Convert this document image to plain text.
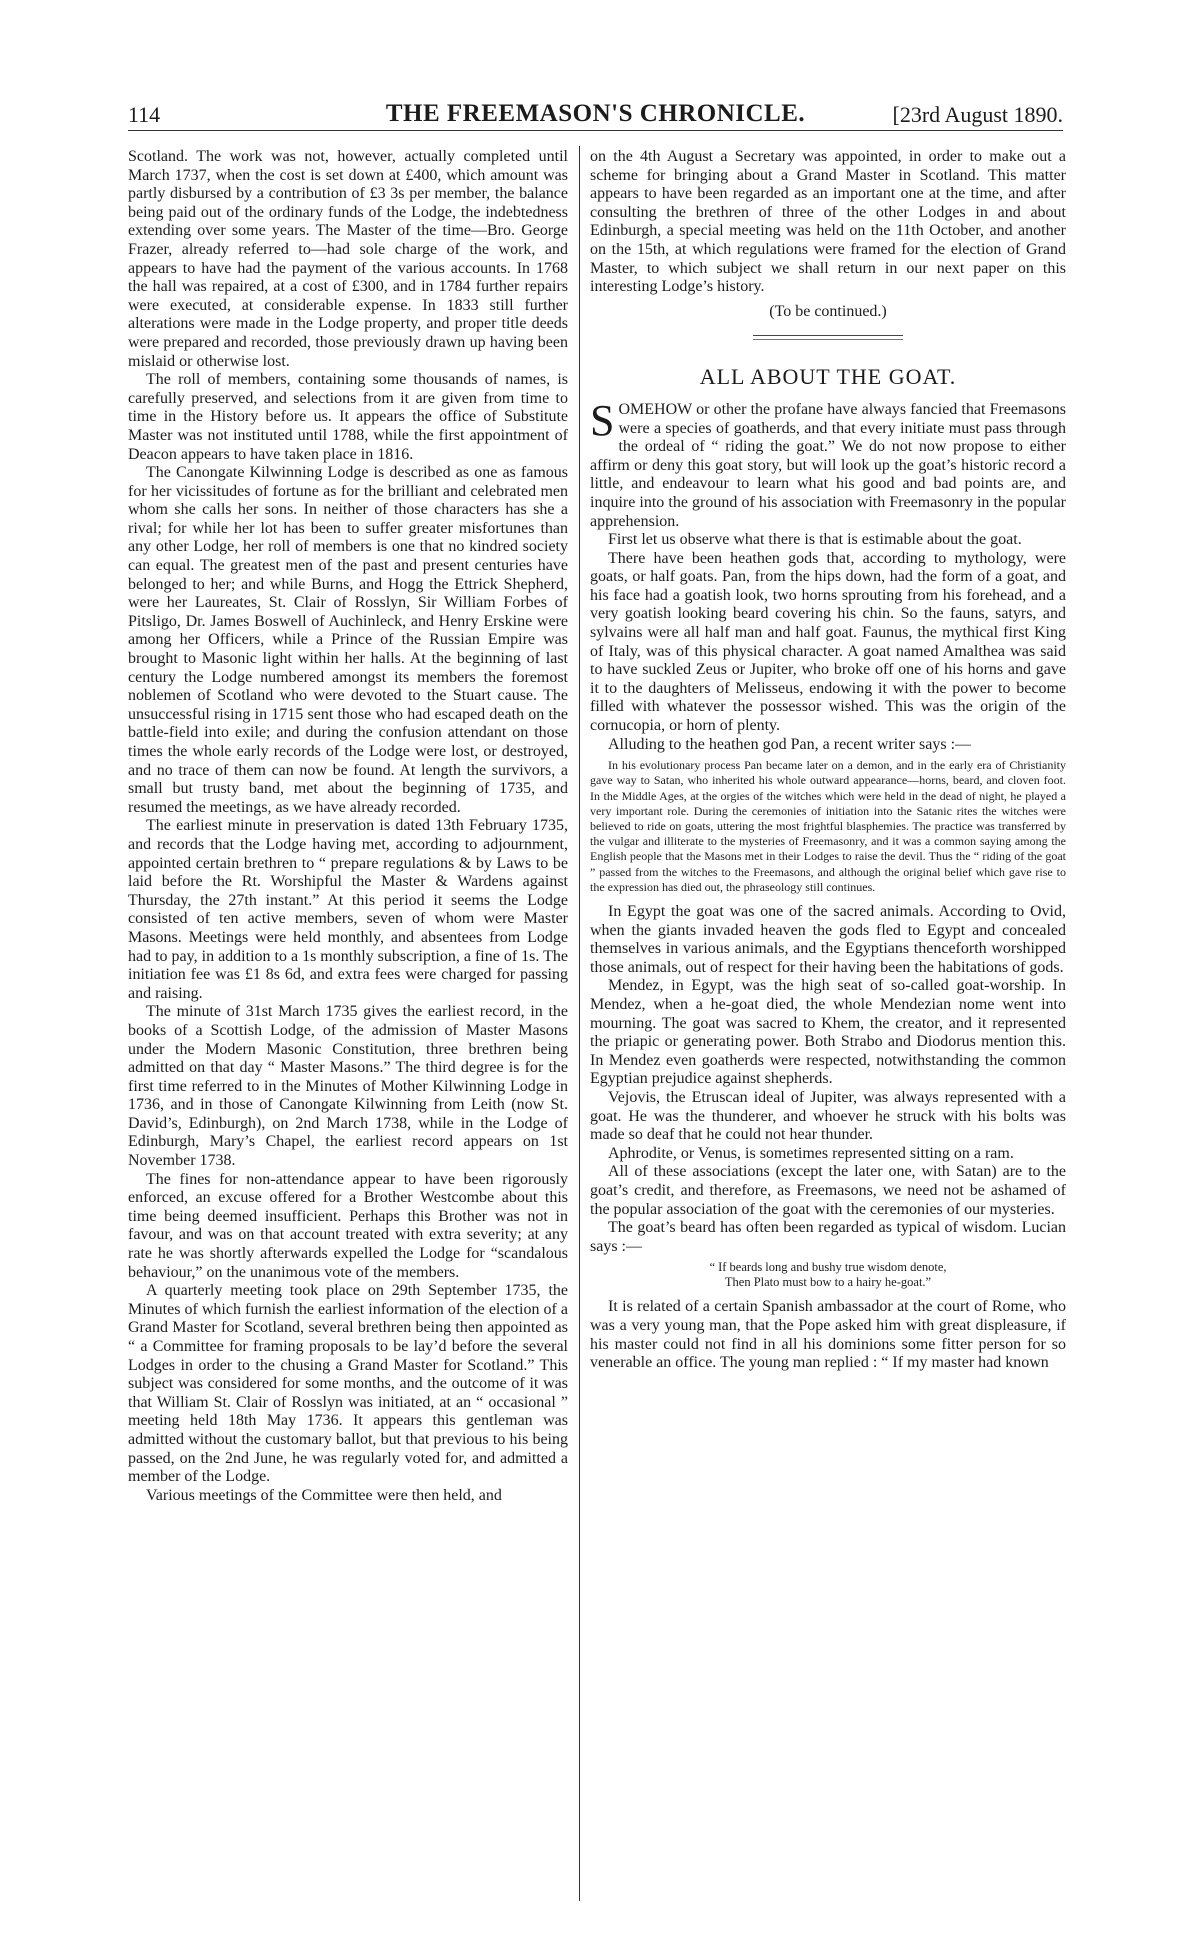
114	THE FREEMASON'S CHRONICLE.	[23rd August 1890.

Scotland. The work was not, however, actually completed until March 1737, when the cost is set down at £400, which amount was partly disbursed by a contribution of £3 3s per member, the balance being paid out of the ordinary funds of the Lodge, the indebtedness extending over some years. The Master of the time—Bro. George Frazer, already referred to—had sole charge of the work, and appears to have had the payment of the various accounts. In 1768 the hall was repaired, at a cost of £300, and in 1784 further repairs were executed, at considerable expense. In 1833 still further alterations were made in the Lodge property, and proper title deeds were prepared and recorded, those previously drawn up having been mislaid or otherwise lost.

The roll of members, containing some thousands of names, is carefully preserved, and selections from it are given from time to time in the History before us. It appears the office of Substitute Master was not instituted until 1788, while the first appointment of Deacon appears to have taken place in 1816.

The Canongate Kilwinning Lodge is described as one as famous for her vicissitudes of fortune as for the brilliant and celebrated men whom she calls her sons. In neither of those characters has she a rival; for while her lot has been to suffer greater misfortunes than any other Lodge, her roll of members is one that no kindred society can equal. The greatest men of the past and present centuries have belonged to her; and while Burns, and Hogg the Ettrick Shepherd, were her Laureates, St. Clair of Rosslyn, Sir William Forbes of Pitsligo, Dr. James Boswell of Auchinleck, and Henry Erskine were among her Officers, while a Prince of the Russian Empire was brought to Masonic light within her halls. At the beginning of last century the Lodge numbered amongst its members the foremost noblemen of Scotland who were devoted to the Stuart cause. The unsuccessful rising in 1715 sent those who had escaped death on the battle-field into exile; and during the confusion attendant on those times the whole early records of the Lodge were lost, or destroyed, and no trace of them can now be found. At length the survivors, a small but trusty band, met about the beginning of 1735, and resumed the meetings, as we have already recorded.

The earliest minute in preservation is dated 13th February 1735, and records that the Lodge having met, according to adjournment, appointed certain brethren to “ prepare regulations & by Laws to be laid before the Rt. Worshipful the Master & Wardens against Thursday, the 27th instant.” At this period it seems the Lodge consisted of ten active members, seven of whom were Master Masons. Meetings were held monthly, and absentees from Lodge had to pay, in addition to a 1s monthly subscription, a fine of 1s. The initiation fee was £1 8s 6d, and extra fees were charged for passing and raising.

The minute of 31st March 1735 gives the earliest record, in the books of a Scottish Lodge, of the admission of Master Masons under the Modern Masonic Constitution, three brethren being admitted on that day “ Master Masons.” The third degree is for the first time referred to in the Minutes of Mother Kilwinning Lodge in 1736, and in those of Canongate Kilwinning from Leith (now St. David’s, Edinburgh), on 2nd March 1738, while in the Lodge of Edinburgh, Mary’s Chapel, the earliest record appears on 1st November 1738.

The fines for non-attendance appear to have been rigorously enforced, an excuse offered for a Brother Westcombe about this time being deemed insufficient. Perhaps this Brother was not in favour, and was on that account treated with extra severity; at any rate he was shortly afterwards expelled the Lodge for “scandalous behaviour,” on the unanimous vote of the members.

A quarterly meeting took place on 29th September 1735, the Minutes of which furnish the earliest information of the election of a Grand Master for Scotland, several brethren being then appointed as “ a Committee for framing proposals to be lay’d before the several Lodges in order to the chusing a Grand Master for Scotland.” This subject was considered for some months, and the outcome of it was that William St. Clair of Rosslyn was initiated, at an “ occasional ” meeting held 18th May 1736. It appears this gentleman was admitted without the customary ballot, but that previous to his being passed, on the 2nd June, he was regularly voted for, and admitted a member of the Lodge.

Various meetings of the Committee were then held, and

on the 4th August a Secretary was appointed, in order to make out a scheme for bringing about a Grand Master in Scotland. This matter appears to have been regarded as an important one at the time, and after consulting the brethren of three of the other Lodges in and about Edinburgh, a special meeting was held on the 11th October, and another on the 15th, at which regulations were framed for the election of Grand Master, to which subject we shall return in our next paper on this interesting Lodge’s history.

(To be continued.)

ALL ABOUT THE GOAT.

SOMEHOW or other the profane have always fancied that Freemasons were a species of goatherds, and that every initiate must pass through the ordeal of “ riding the goat.” We do not now propose to either affirm or deny this goat story, but will look up the goat’s historic record a little, and endeavour to learn what his good and bad points are, and inquire into the ground of his association with Freemasonry in the popular apprehension.

First let us observe what there is that is estimable about the goat.

There have been heathen gods that, according to mythology, were goats, or half goats. Pan, from the hips down, had the form of a goat, and his face had a goatish look, two horns sprouting from his forehead, and a very goatish looking beard covering his chin. So the fauns, satyrs, and sylvains were all half man and half goat. Faunus, the mythical first King of Italy, was of this physical character. A goat named Amalthea was said to have suckled Zeus or Jupiter, who broke off one of his horns and gave it to the daughters of Melisseus, endowing it with the power to become filled with whatever the possessor wished. This was the origin of the cornucopia, or horn of plenty.

Alluding to the heathen god Pan, a recent writer says :—

In his evolutionary process Pan became later on a demon, and in the early era of Christianity gave way to Satan, who inherited his whole outward appearance—horns, beard, and cloven foot. In the Middle Ages, at the orgies of the witches which were held in the dead of night, he played a very important role. During the ceremonies of initiation into the Satanic rites the witches were believed to ride on goats, uttering the most frightful blasphemies. The practice was transferred by the vulgar and illiterate to the mysteries of Freemasonry, and it was a common saying among the English people that the Masons met in their Lodges to raise the devil. Thus the “ riding of the goat ” passed from the witches to the Freemasons, and although the original belief which gave rise to the expression has died out, the phraseology still continues.

In Egypt the goat was one of the sacred animals. According to Ovid, when the giants invaded heaven the gods fled to Egypt and concealed themselves in various animals, and the Egyptians thenceforth worshipped those animals, out of respect for their having been the habitations of gods.

Mendez, in Egypt, was the high seat of so-called goat-worship. In Mendez, when a he-goat died, the whole Mendezian nome went into mourning. The goat was sacred to Khem, the creator, and it represented the priapic or generating power. Both Strabo and Diodorus mention this. In Mendez even goatherds were respected, notwithstanding the common Egyptian prejudice against shepherds.

Vejovis, the Etruscan ideal of Jupiter, was always represented with a goat. He was the thunderer, and whoever he struck with his bolts was made so deaf that he could not hear thunder.

Aphrodite, or Venus, is sometimes represented sitting on a ram.

All of these associations (except the later one, with Satan) are to the goat’s credit, and therefore, as Freemasons, we need not be ashamed of the popular association of the goat with the ceremonies of our mysteries.

The goat’s beard has often been regarded as typical of wisdom. Lucian says :—

“ If beards long and bushy true wisdom denote,
Then Plato must bow to a hairy he-goat.”

It is related of a certain Spanish ambassador at the court of Rome, who was a very young man, that the Pope asked him with great displeasure, if his master could not find in all his dominions some fitter person for so venerable an office. The young man replied : “ If my master had known
